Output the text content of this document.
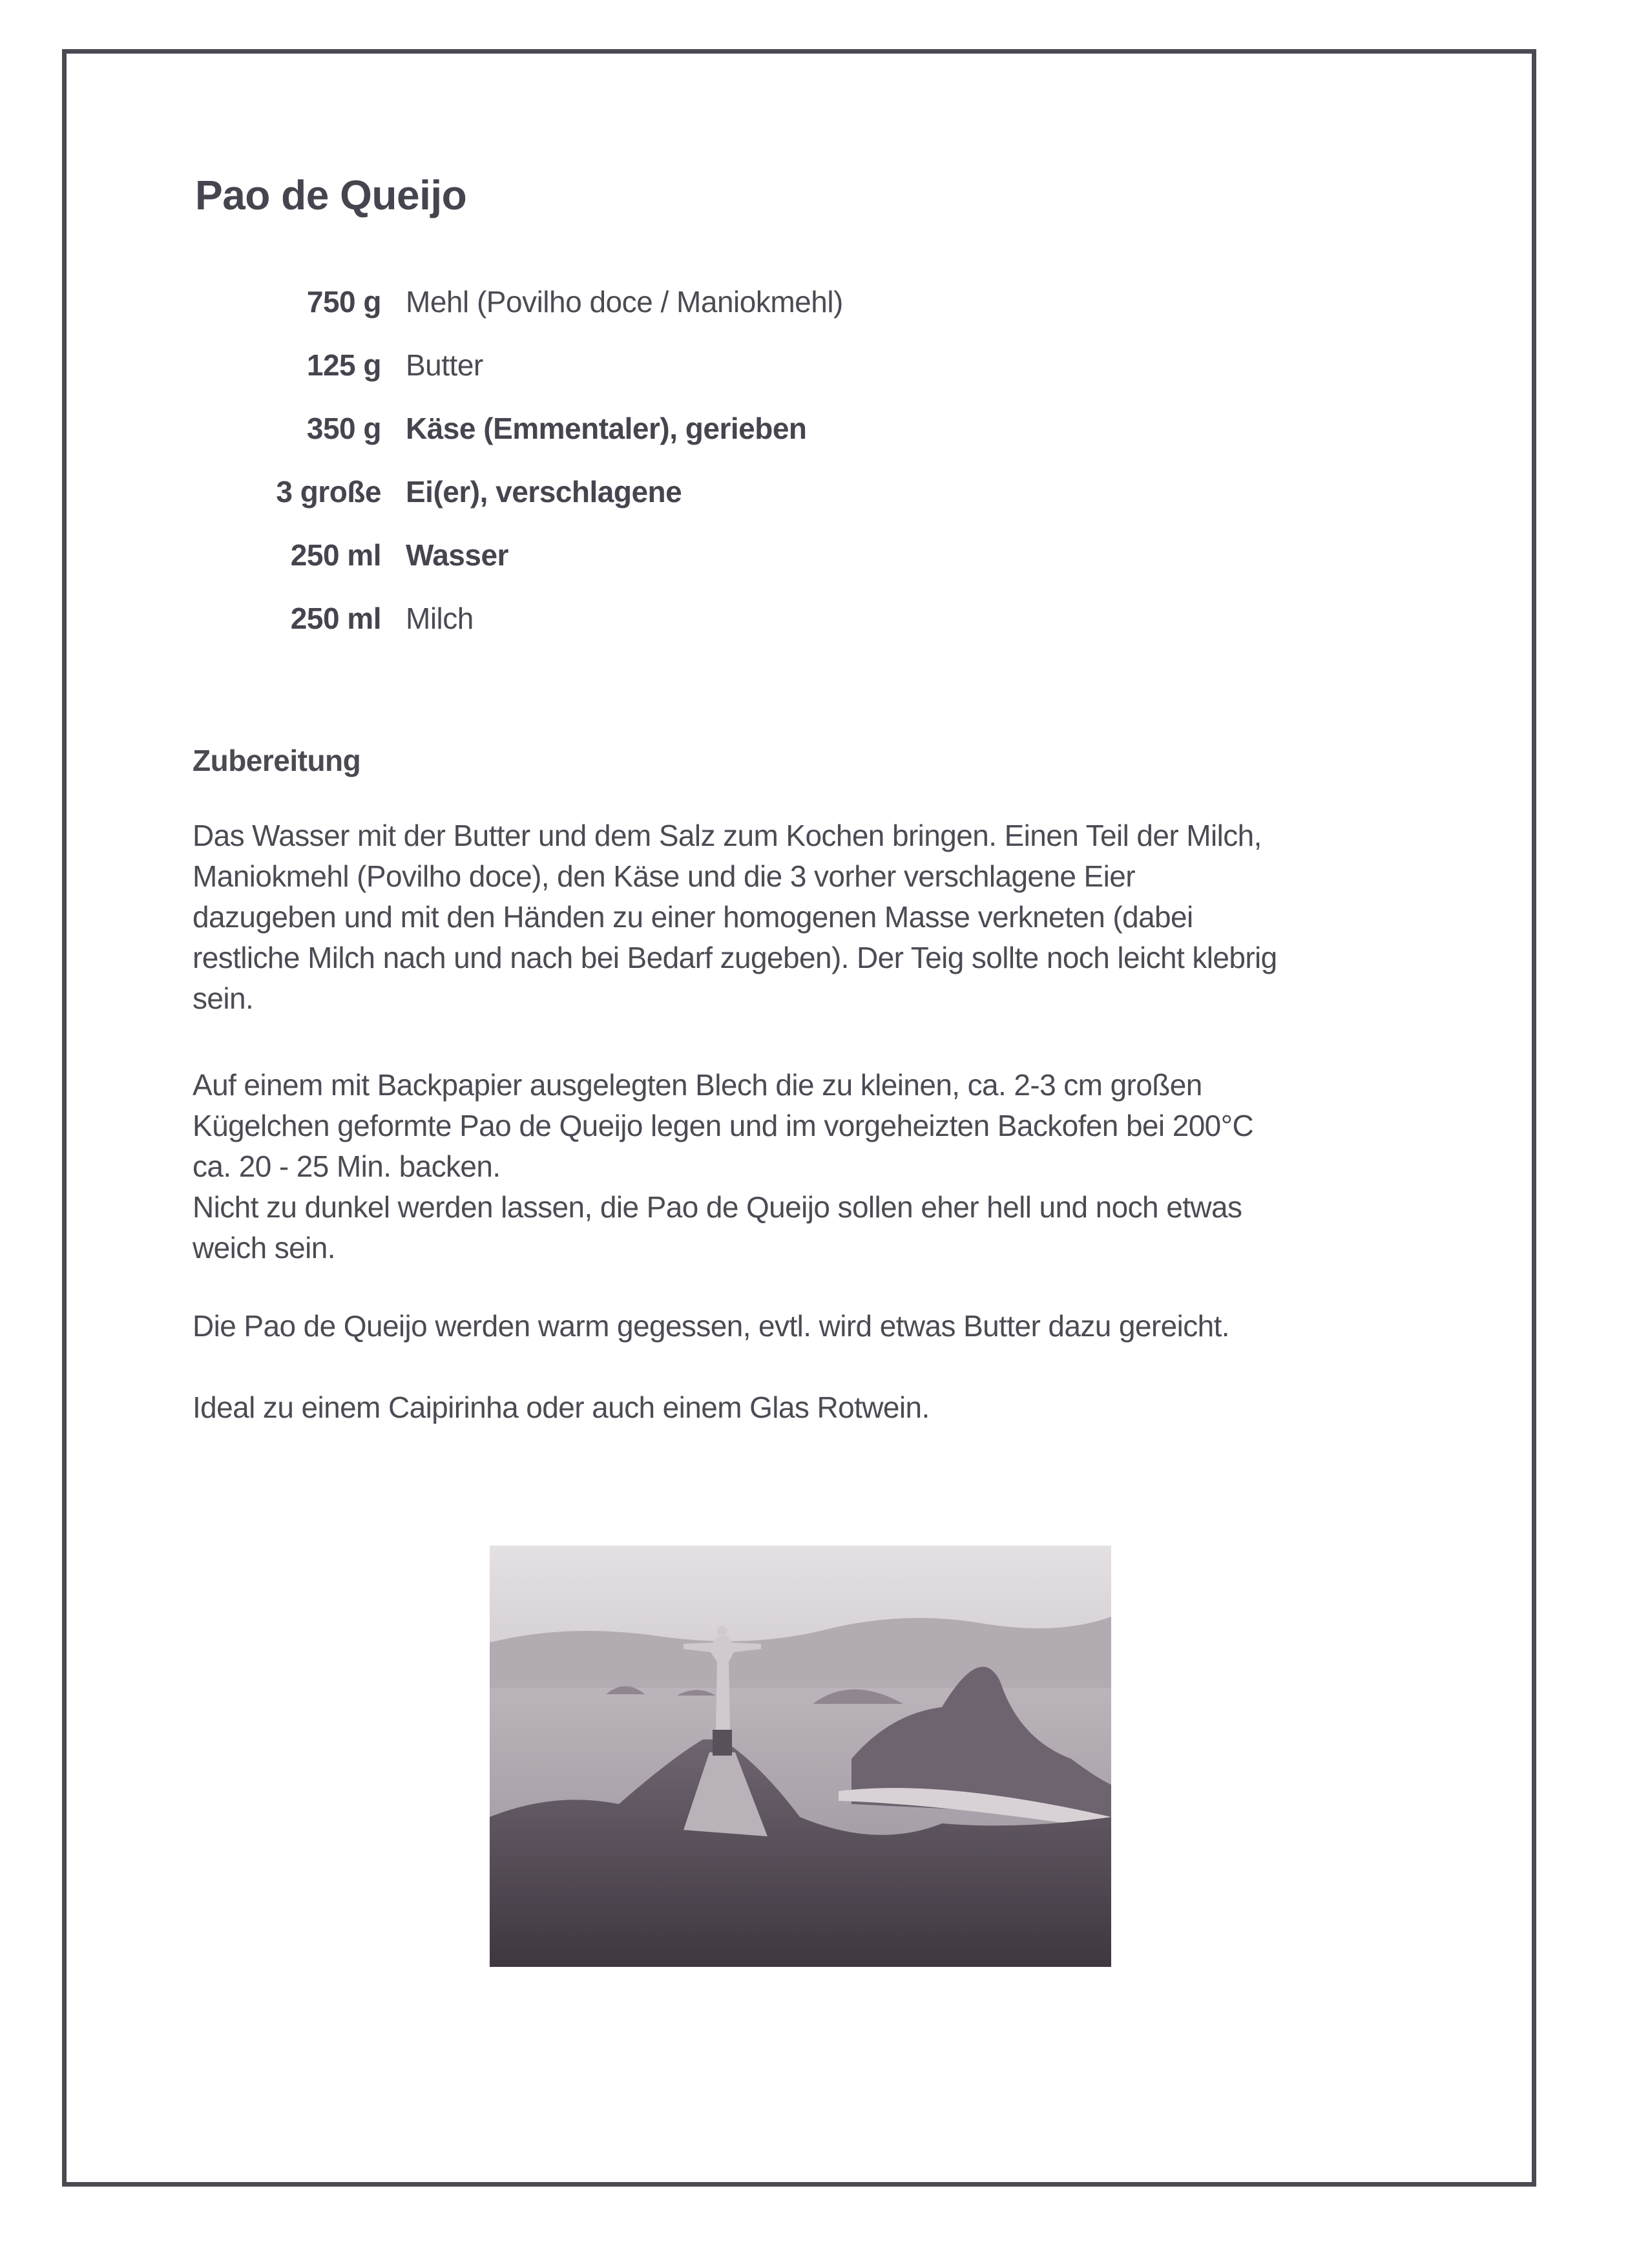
Pao de Queijo
750 g Mehl (Povilho doce / Maniokmehl)
125 g Butter
350 g Käse (Emmentaler), gerieben
3 große Ei(er), verschlagene
250 ml Wasser
250 ml Milch
Zubereitung

Das Wasser mit der Butter und dem Salz zum Kochen bringen. Einen Teil der Milch,
Maniokmehl (Povilho doce), den Käse und die 3 vorher verschlagene Eier
dazugeben und mit den Händen zu einer homogenen Masse verkneten (dabei
restliche Milch nach und nach bei Bedarf zugeben). Der Teig sollte noch leicht klebrig
sein.

Auf einem mit Backpapier ausgelegten Blech die zu kleinen, ca. 2-3 cm großen
Kügelchen geformte Pao de Queijo legen und im vorgeheizten Backofen bei 200°C
ca. 20 - 25 Min. backen.
Nicht zu dunkel werden lassen, die Pao de Queijo sollen eher hell und noch etwas
weich sein.

Die Pao de Queijo werden warm gegessen, evtl. wird etwas Butter dazu gereicht.

Ideal zu einem Caipirinha oder auch einem Glas Rotwein.
